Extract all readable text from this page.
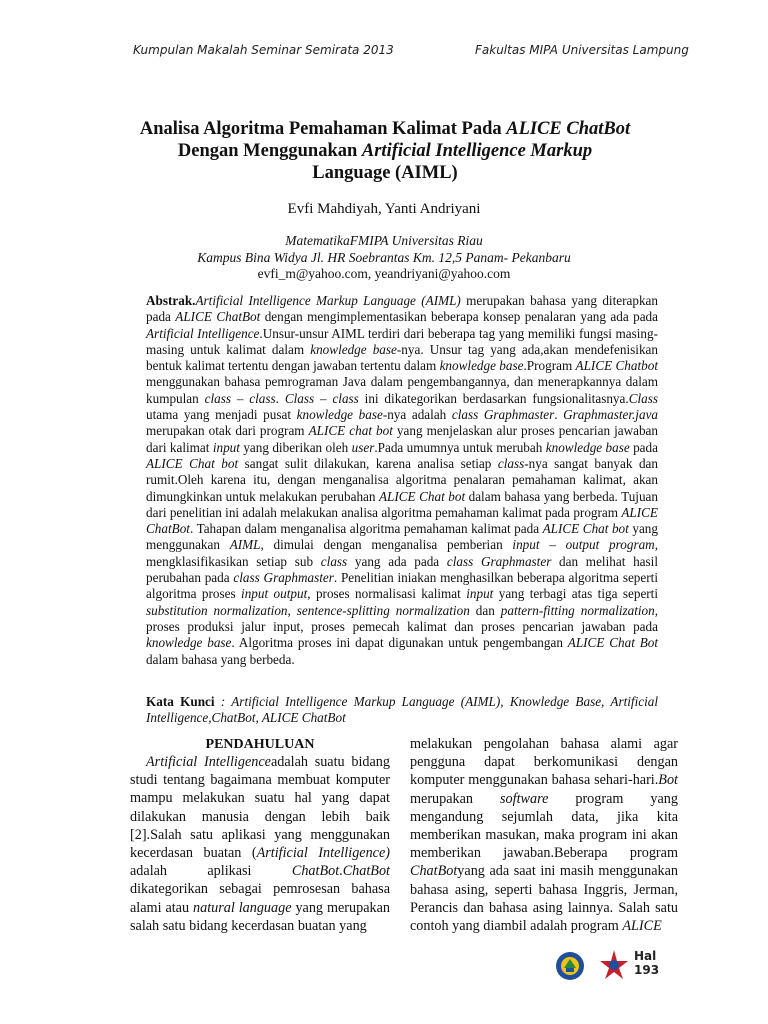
Kumpulan Makalah Seminar Semirata 2013	Fakultas MIPA Universitas Lampung
Analisa Algoritma Pemahaman Kalimat Pada ALICE ChatBot
Dengan Menggunakan Artificial Intelligence Markup
Language (AIML)
Evfi Mahdiyah, Yanti Andriyani
MatematikaFMIPA Universitas Riau
Kampus Bina Widya Jl. HR Soebrantas Km. 12,5 Panam- Pekanbaru
evfi_m@yahoo.com, yeandriyani@yahoo.com
Abstrak.Artificial Intelligence Markup Language (AIML) merupakan bahasa yang diterapkan pada ALICE ChatBot dengan mengimplementasikan beberapa konsep penalaran yang ada pada Artificial Intelligence.Unsur-unsur AIML terdiri dari beberapa tag yang memiliki fungsi masing-masing untuk kalimat dalam knowledge base-nya. Unsur tag yang ada,akan mendefenisikan bentuk kalimat tertentu dengan jawaban tertentu dalam knowledge base.Program ALICE Chatbot menggunakan bahasa pemrograman Java dalam pengembangannya, dan menerapkannya dalam kumpulan class – class. Class – class ini dikategorikan berdasarkan fungsionalitasnya.Class utama yang menjadi pusat knowledge base-nya adalah class Graphmaster. Graphmaster.java merupakan otak dari program ALICE chat bot yang menjelaskan alur proses pencarian jawaban dari kalimat input yang diberikan oleh user.Pada umumnya untuk merubah knowledge base pada ALICE Chat bot sangat sulit dilakukan, karena analisa setiap class-nya sangat banyak dan rumit.Oleh karena itu, dengan menganalisa algoritma penalaran pemahaman kalimat, akan dimungkinkan untuk melakukan perubahan ALICE Chat bot dalam bahasa yang berbeda. Tujuan dari penelitian ini adalah melakukan analisa algoritma pemahaman kalimat pada program ALICE ChatBot. Tahapan dalam menganalisa algoritma pemahaman kalimat pada ALICE Chat bot yang menggunakan AIML, dimulai dengan menganalisa pemberian input – output program, mengklasifikasikan setiap sub class yang ada pada class Graphmaster dan melihat hasil perubahan pada class Graphmaster. Penelitian iniakan menghasilkan beberapa algoritma seperti algoritma proses input output, proses normalisasi kalimat input yang terbagi atas tiga seperti substitution normalization, sentence-splitting normalization dan pattern-fitting normalization, proses produksi jalur input, proses pemecah kalimat dan proses pencarian jawaban pada knowledge base. Algoritma proses ini dapat digunakan untuk pengembangan ALICE Chat Bot dalam bahasa yang berbeda.
Kata Kunci : Artificial Intelligence Markup Language (AIML), Knowledge Base, Artificial Intelligence,ChatBot, ALICE ChatBot
PENDAHULUAN
Artificial Intelligenceadalah suatu bidang studi tentang bagaimana membuat komputer mampu melakukan suatu hal yang dapat dilakukan manusia dengan lebih baik [2].Salah satu aplikasi yang menggunakan kecerdasan buatan (Artificial Intelligence) adalah aplikasi ChatBot.ChatBot dikategorikan sebagai pemrosesan bahasa alami atau natural language yang merupakan salah satu bidang kecerdasan buatan yang
melakukan pengolahan bahasa alami agar pengguna dapat berkomunikasi dengan komputer menggunakan bahasa sehari-hari.Bot merupakan software program yang mengandung sejumlah data, jika kita memberikan masukan, maka program ini akan memberikan jawaban.Beberapa program ChatBotyang ada saat ini masih menggunakan bahasa asing, seperti bahasa Inggris, Jerman, Perancis dan bahasa asing lainnya. Salah satu contoh yang diambil adalah program ALICE
Hal 193
